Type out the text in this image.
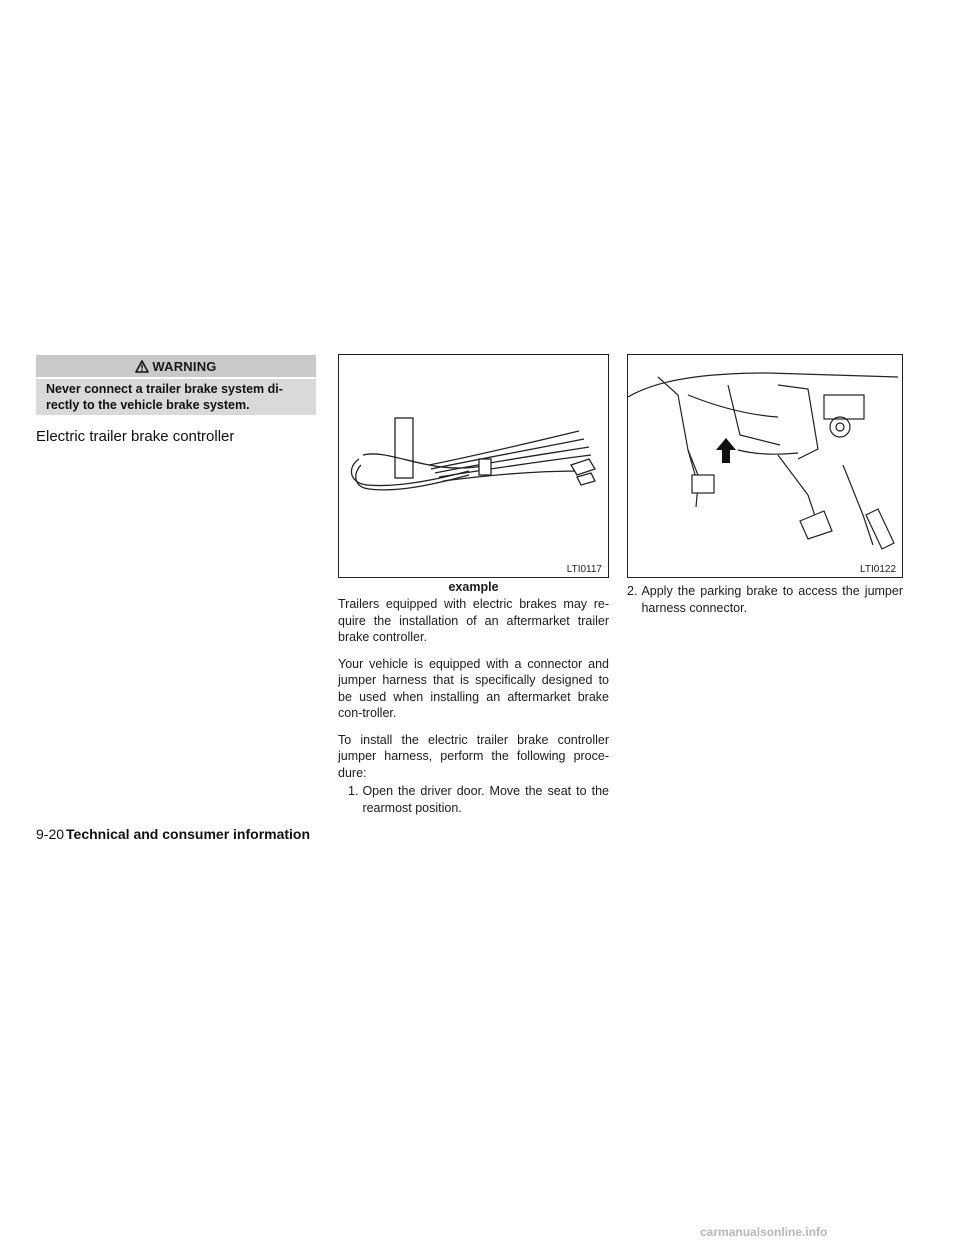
WARNING
Never connect a trailer brake system di-rectly to the vehicle brake system.
Electric trailer brake controller
LTI0117
example
LTI0122

Trailers equipped with electric brakes may re-quire the installation of an aftermarket trailer brake controller.

Your vehicle is equipped with a connector and jumper harness that is specifically designed to be used when installing an aftermarket brake con-troller.

To install the electric trailer brake controller jumper harness, perform the following proce-dure:

1. Open the driver door. Move the seat to the rearmost position.
2. Apply the parking brake to access the jumper harness connector.
9-20 Technical and consumer information
carmanualsonline.info
